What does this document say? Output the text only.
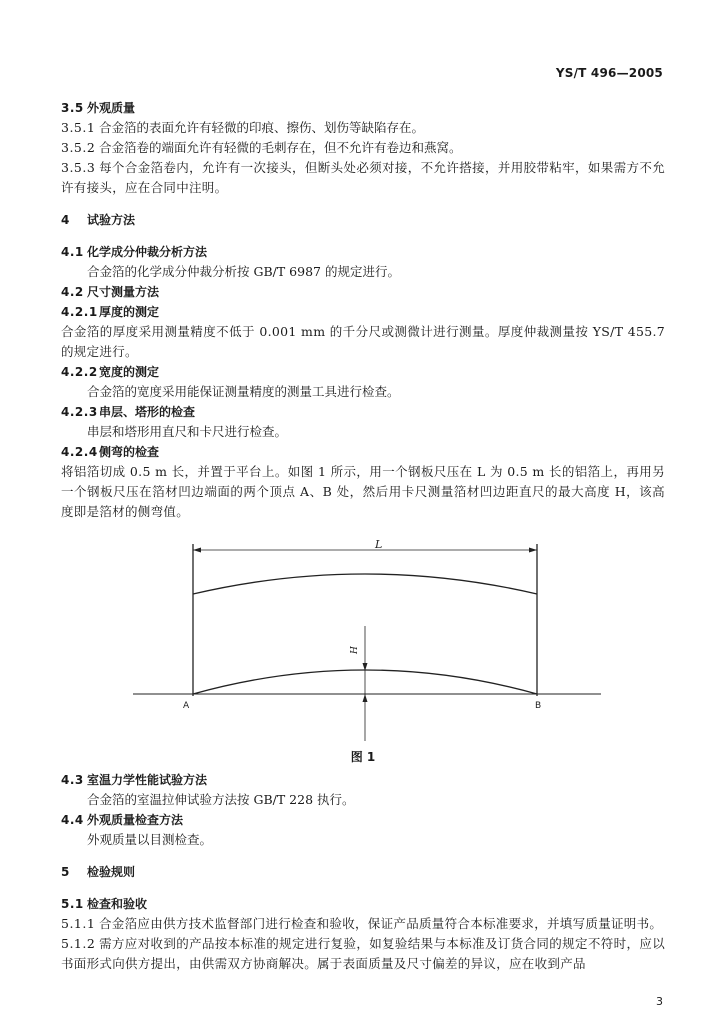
YS/T 496—2005
3.5 外观质量
3.5.1 合金箔的表面允许有轻微的印痕、擦伤、划伤等缺陷存在。
3.5.2 合金箔卷的端面允许有轻微的毛刺存在，但不允许有卷边和燕窝。
3.5.3 每个合金箔卷内，允许有一次接头，但断头处必须对接，不允许搭接，并用胶带粘牢，如果需方不允许有接头，应在合同中注明。
4 试验方法
4.1 化学成分仲裁分析方法
合金箔的化学成分仲裁分析按 GB/T 6987 的规定进行。
4.2 尺寸测量方法
4.2.1厚度的测定
合金箔的厚度采用测量精度不低于 0.001 mm 的千分尺或测微计进行测量。厚度仲裁测量按 YS/T 455.7的规定进行。
4.2.2宽度的测定
合金箔的宽度采用能保证测量精度的测量工具进行检查。
4.2.3串层、塔形的检查
串层和塔形用直尺和卡尺进行检查。
4.2.4侧弯的检查
将铝箔切成 0.5 m 长，并置于平台上。如图 1 所示，用一个钢板尺压在 L 为 0.5 m 长的铝箔上，再用另一个钢板尺压在箔材凹边端面的两个顶点 A、B 处，然后用卡尺测量箔材凹边距直尺的最大高度 H，该高度即是箔材的侧弯值。
L
H
A	B
图 1
4.3 室温力学性能试验方法
合金箔的室温拉伸试验方法按 GB/T 228 执行。
4.4 外观质量检查方法
外观质量以目测检查。
5 检验规则
5.1 检查和验收
5.1.1 合金箔应由供方技术监督部门进行检查和验收，保证产品质量符合本标准要求，并填写质量证明书。
5.1.2 需方应对收到的产品按本标准的规定进行复验，如复验结果与本标准及订货合同的规定不符时，应以书面形式向供方提出，由供需双方协商解决。属于表面质量及尺寸偏差的异议，应在收到产品
3
